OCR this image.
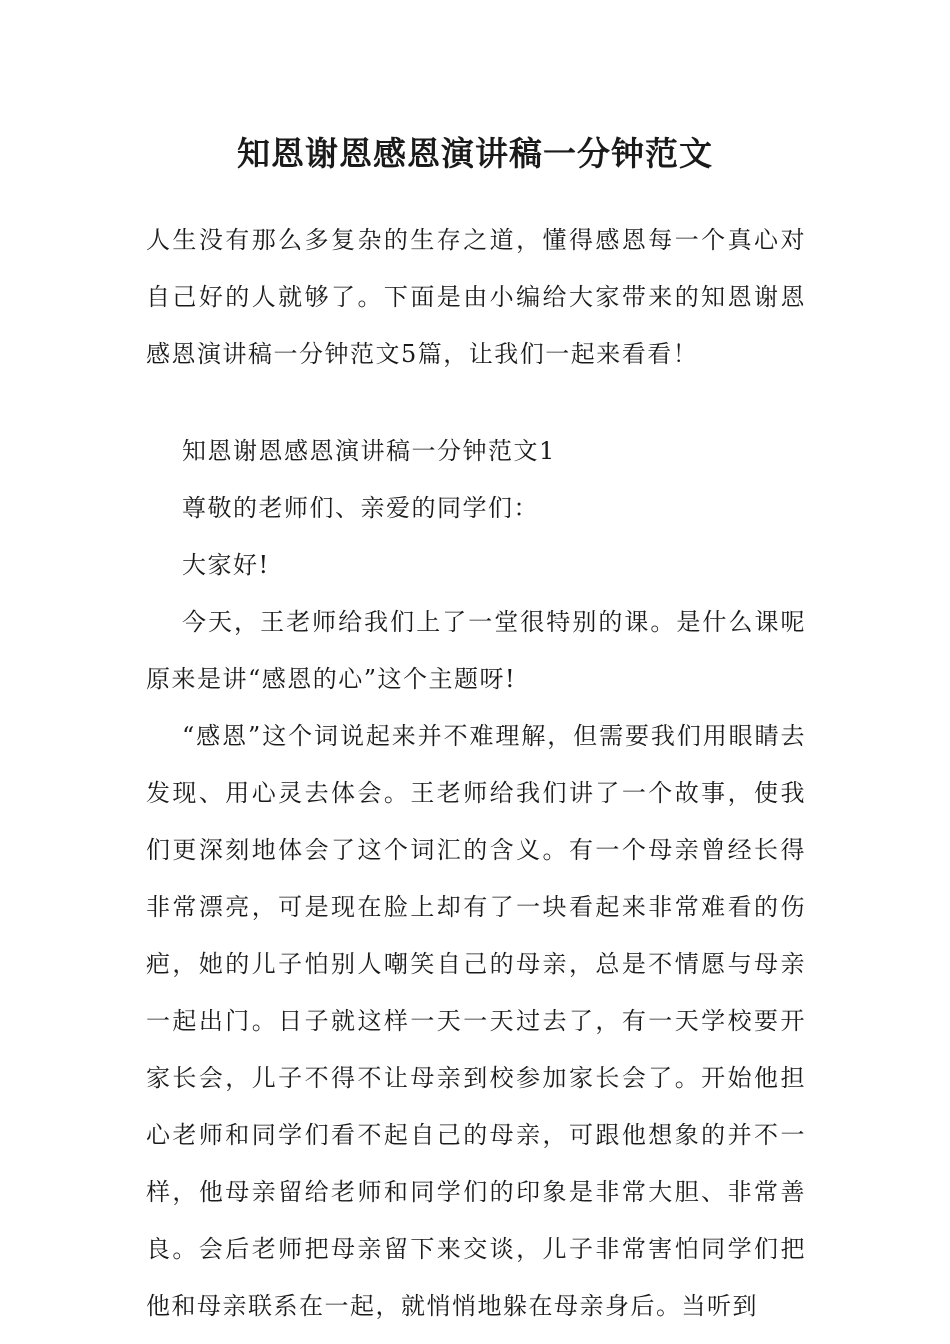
知恩谢恩感恩演讲稿一分钟范文

人生没有那么多复杂的生存之道，懂得感恩每一个真心对自己好的人就够了。下面是由小编给大家带来的知恩谢恩感恩演讲稿一分钟范文5篇，让我们一起来看看！

知恩谢恩感恩演讲稿一分钟范文1

尊敬的老师们、亲爱的同学们：

大家好!

今天，王老师给我们上了一堂很特别的课。是什么课呢原来是讲“感恩的心”这个主题呀!

“感恩”这个词说起来并不难理解，但需要我们用眼睛去发现、用心灵去体会。王老师给我们讲了一个故事，使我们更深刻地体会了这个词汇的含义。有一个母亲曾经长得非常漂亮，可是现在脸上却有了一块看起来非常难看的伤疤，她的儿子怕别人嘲笑自己的母亲，总是不情愿与母亲一起出门。日子就这样一天一天过去了，有一天学校要开家长会，儿子不得不让母亲到校参加家长会了。开始他担心老师和同学们看不起自己的母亲，可跟他想象的并不一样，他母亲留给老师和同学们的印象是非常大胆、非常善良。会后老师把母亲留下来交谈，儿子非常害怕同学们把他和母亲联系在一起，就悄悄地躲在母亲身后。当听到
